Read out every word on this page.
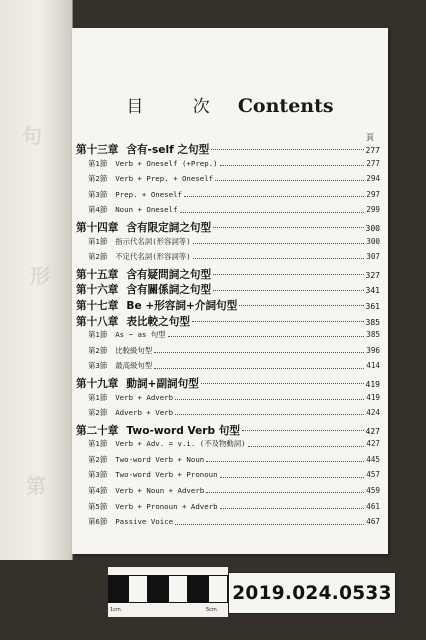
句
形
第
目 次 Contents
頁
第十三章 含有-self 之句型	277
第1節 Verb + Oneself (+Prep.)	277
第2節 Verb + Prep. + Oneself	294
第3節 Prep. + Oneself	297
第4節 Noun + Oneself	299
第十四章 含有限定詞之句型	300
第1節 指示代名詞(形容詞等)	300
第2節 不定代名詞(形容詞等)	307
第十五章 含有疑問詞之句型	327
第十六章 含有關係詞之句型	341
第十七章 Be +形容詞+介詞句型	361
第十八章 表比較之句型	385
第1節 As ~ as 句型	385
第2節 比較級句型	396
第3節 最高級句型	414
第十九章 動詞+副詞句型	419
第1節 Verb + Adverb	419
第2節 Adverb + Verb	424
第二十章 Two-word Verb 句型	427
第1節 Verb + Adv. = v.i. (不及物動詞)	427
第2節 Two-word Verb + Noun	445
第3節 Two-word Verb + Pronoun	457
第4節 Verb + Noun + Adverb	459
第5節 Verb + Pronoun + Adverb	461
第6節 Passive Voice	467
1cm	5cm
2019.024.0533
